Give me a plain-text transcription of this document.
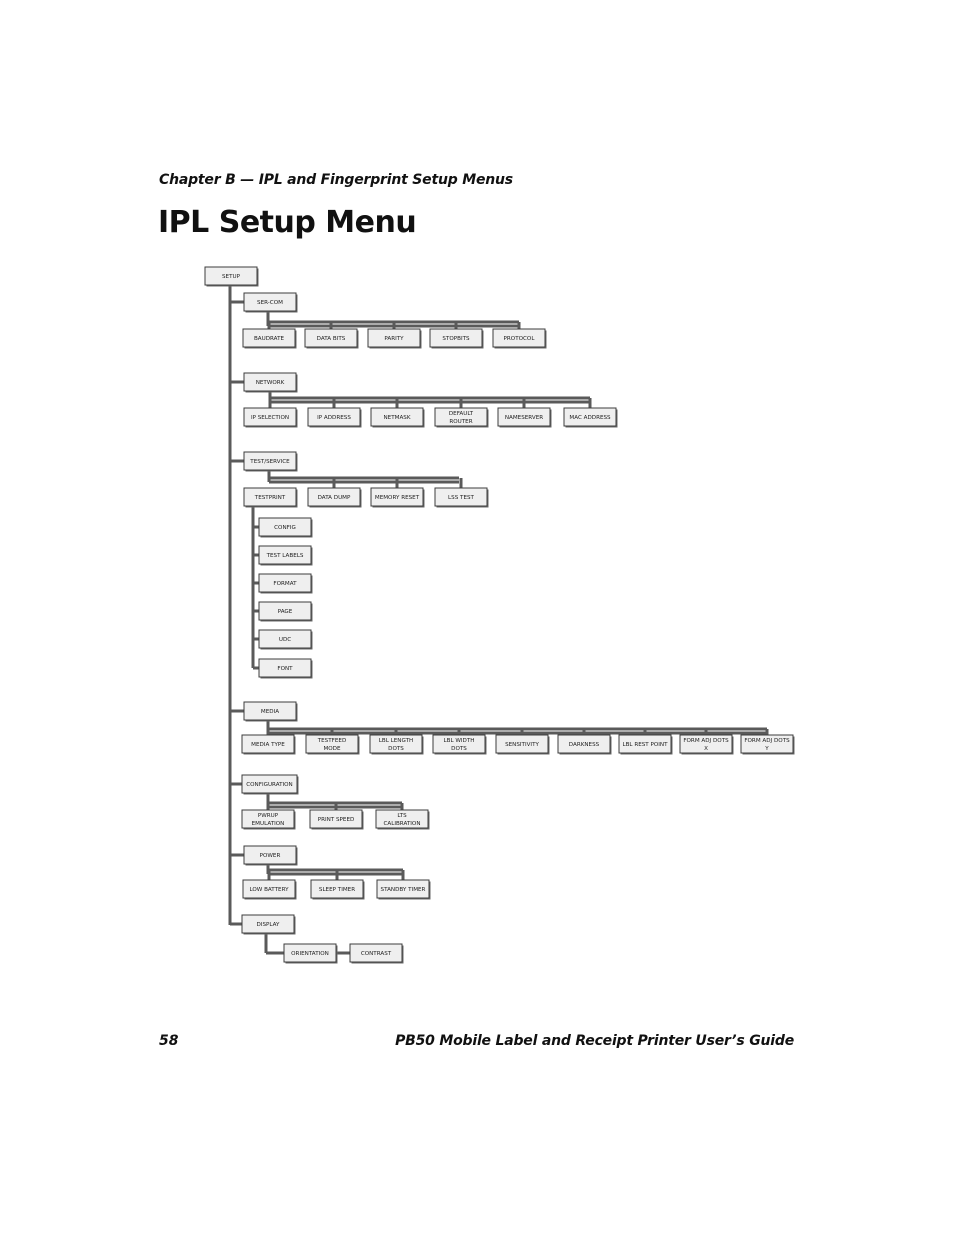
Chapter B — IPL and Fingerprint Setup Menus
IPL Setup Menu
SETUP
SER-COM
BAUDRATE	DATA BITS	PARITY	STOPBITS	PROTOCOL
NETWORK
IP SELECTION	IP ADDRESS	NETMASK
DEFAULT ROUTER
NAMESERVER	MAC ADDRESS
TEST/SERVICE
TESTPRINT	DATA DUMP	MEMORY RESET	LSS TEST
CONFIG
TEST LABELS
FORMAT
PAGE
UDC
FONT
MEDIA
MEDIA TYPE
TESTFEED MODE
LBL LENGTH DOTS
LBL WIDTH DOTS
SENSITIVITY	DARKNESS	LBL REST POINT
FORM ADJ DOTS X
FORM ADJ DOTS Y
CONFIGURATION
PWRUP EMULATION
PRINT SPEED
LTS CALIBRATION
POWER
LOW BATTERY	SLEEP TIMER	STANDBY TIMER
DISPLAY
ORIENTATION	CONTRAST
58	PB50 Mobile Label and Receipt Printer User’s Guide
